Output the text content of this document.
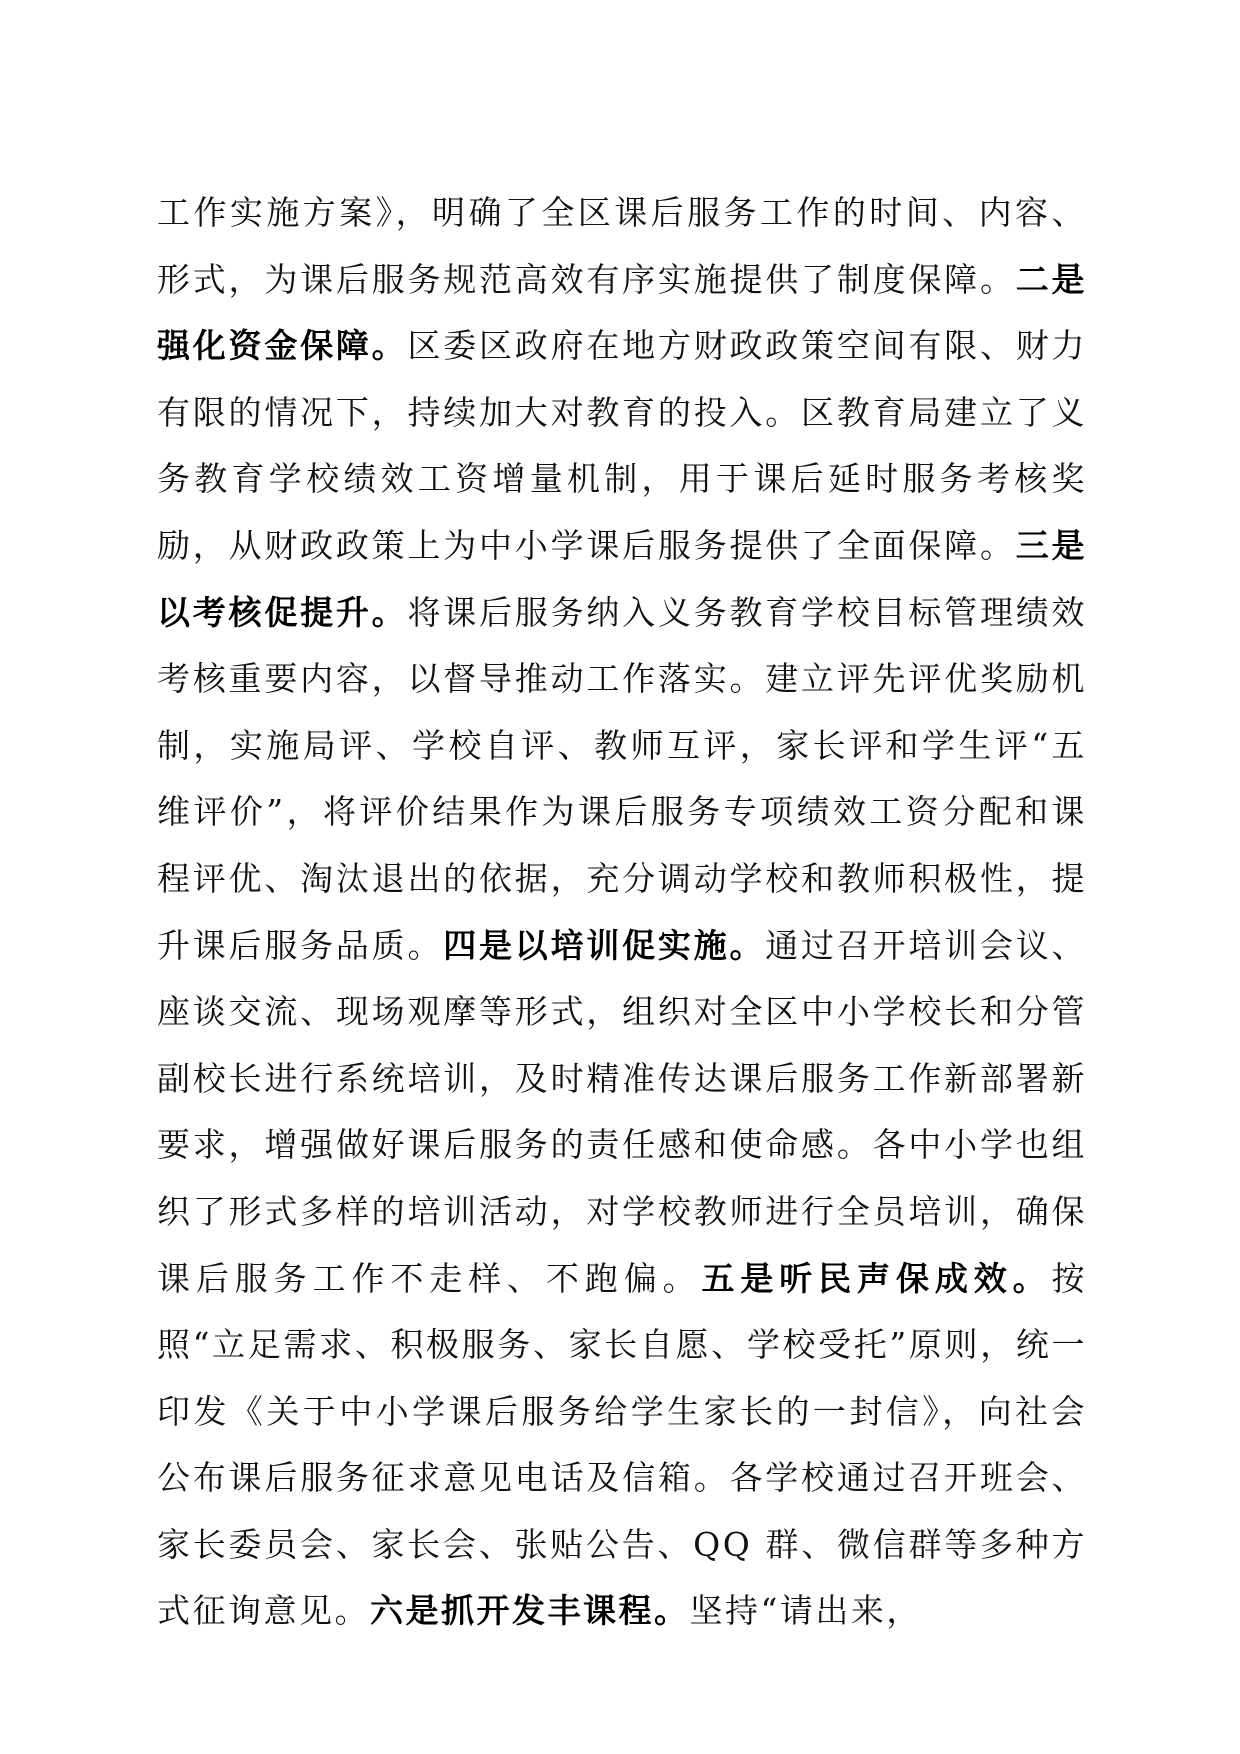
工作实施方案》，明确了全区课后服务工作的时间、内容、形式，为课后服务规范高效有序实施提供了制度保障。二是强化资金保障。区委区政府在地方财政政策空间有限、财力有限的情况下，持续加大对教育的投入。区教育局建立了义务教育学校绩效工资增量机制，用于课后延时服务考核奖励，从财政政策上为中小学课后服务提供了全面保障。三是以考核促提升。将课后服务纳入义务教育学校目标管理绩效考核重要内容，以督导推动工作落实。建立评先评优奖励机制，实施局评、学校自评、教师互评，家长评和学生评“五维评价”，将评价结果作为课后服务专项绩效工资分配和课程评优、淘汰退出的依据，充分调动学校和教师积极性，提升课后服务品质。四是以培训促实施。通过召开培训会议、座谈交流、现场观摩等形式，组织对全区中小学校长和分管副校长进行系统培训，及时精准传达课后服务工作新部署新要求，增强做好课后服务的责任感和使命感。各中小学也组织了形式多样的培训活动，对学校教师进行全员培训，确保课后服务工作不走样、不跑偏。五是听民声保成效。按照“立足需求、积极服务、家长自愿、学校受托”原则，统一印发《关于中小学课后服务给学生家长的一封信》，向社会公布课后服务征求意见电话及信箱。各学校通过召开班会、家长委员会、家长会、张贴公告、QQ 群、微信群等多种方式征询意见。六是抓开发丰课程。坚持“请出来，
